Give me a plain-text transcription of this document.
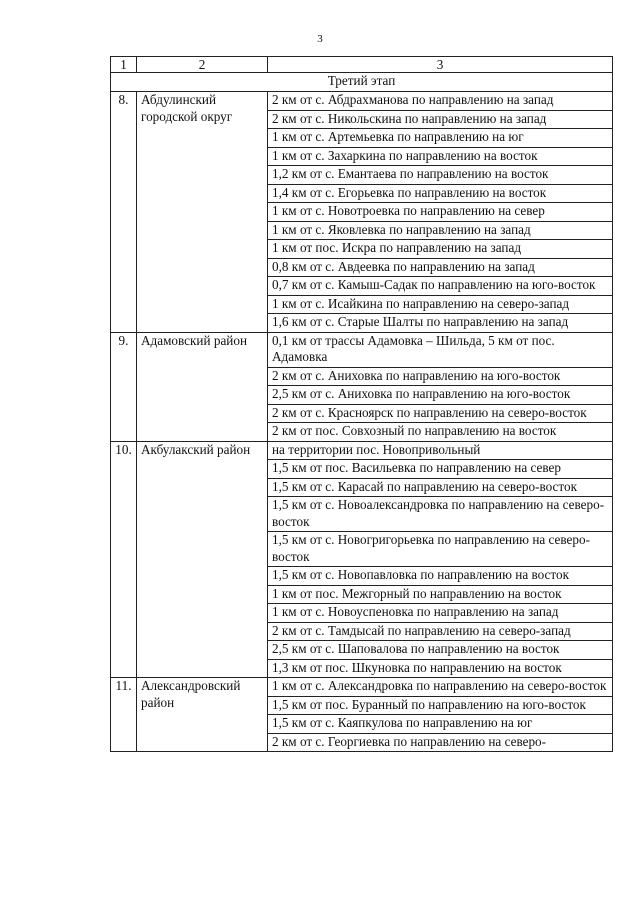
3
1	2	3
Третий этап		
8.	Абдулинский городской округ	2 км от с. Абдрахманова по направлению на запад
		2 км от с. Никольскина по направлению на запад
		1 км от с. Артемьевка по направлению на юг
		1 км от с. Захаркина по направлению на восток
		1,2 км от с. Емантаева по направлению на восток
		1,4 км от с. Егорьевка по направлению на восток
		1 км от с. Новотроевка по направлению на север
		1 км от с. Яковлевка по направлению на запад
		1 км от пос. Искра по направлению на запад
		0,8 км от с. Авдеевка по направлению на запад
		0,7 км от с. Камыш-Садак по направлению на юго-восток
		1 км от с. Исайкина по направлению на северо-запад
		1,6 км от с. Старые Шалты по направлению на запад
9.	Адамовский район	0,1 км от трассы Адамовка – Шильда, 5 км от пос. Адамовка
		2 км от с. Аниховка по направлению на юго-восток
		2,5 км от с. Аниховка по направлению на юго-восток
		2 км от с. Красноярск по направлению на северо-восток
		2 км от пос. Совхозный по направлению на восток
10.	Акбулакский район	на территории пос. Новопривольный
		1,5 км от пос. Васильевка по направлению на север
		1,5 км от с. Карасай по направлению на северо-восток
		1,5 км от с. Новоалександровка по направлению на северо-восток
		1,5 км от с. Новогригорьевка по направлению на северо-восток
		1,5 км от с. Новопавловка по направлению на восток
		1 км от пос. Межгорный по направлению на восток
		1 км от с. Новоуспеновка по направлению на запад
		2 км от с. Тамдысай по направлению на северо-запад
		2,5 км от с. Шаповалова по направлению на восток
		1,3 км от пос. Шкуновка по направлению на восток
11.	Александровский район	1 км от с. Александровка по направлению на северо-восток
		1,5 км от пос. Буранный по направлению на юго-восток
		1,5 км от с. Каяпкулова по направлению на юг
		2 км от с. Георгиевка по направлению на северо-
